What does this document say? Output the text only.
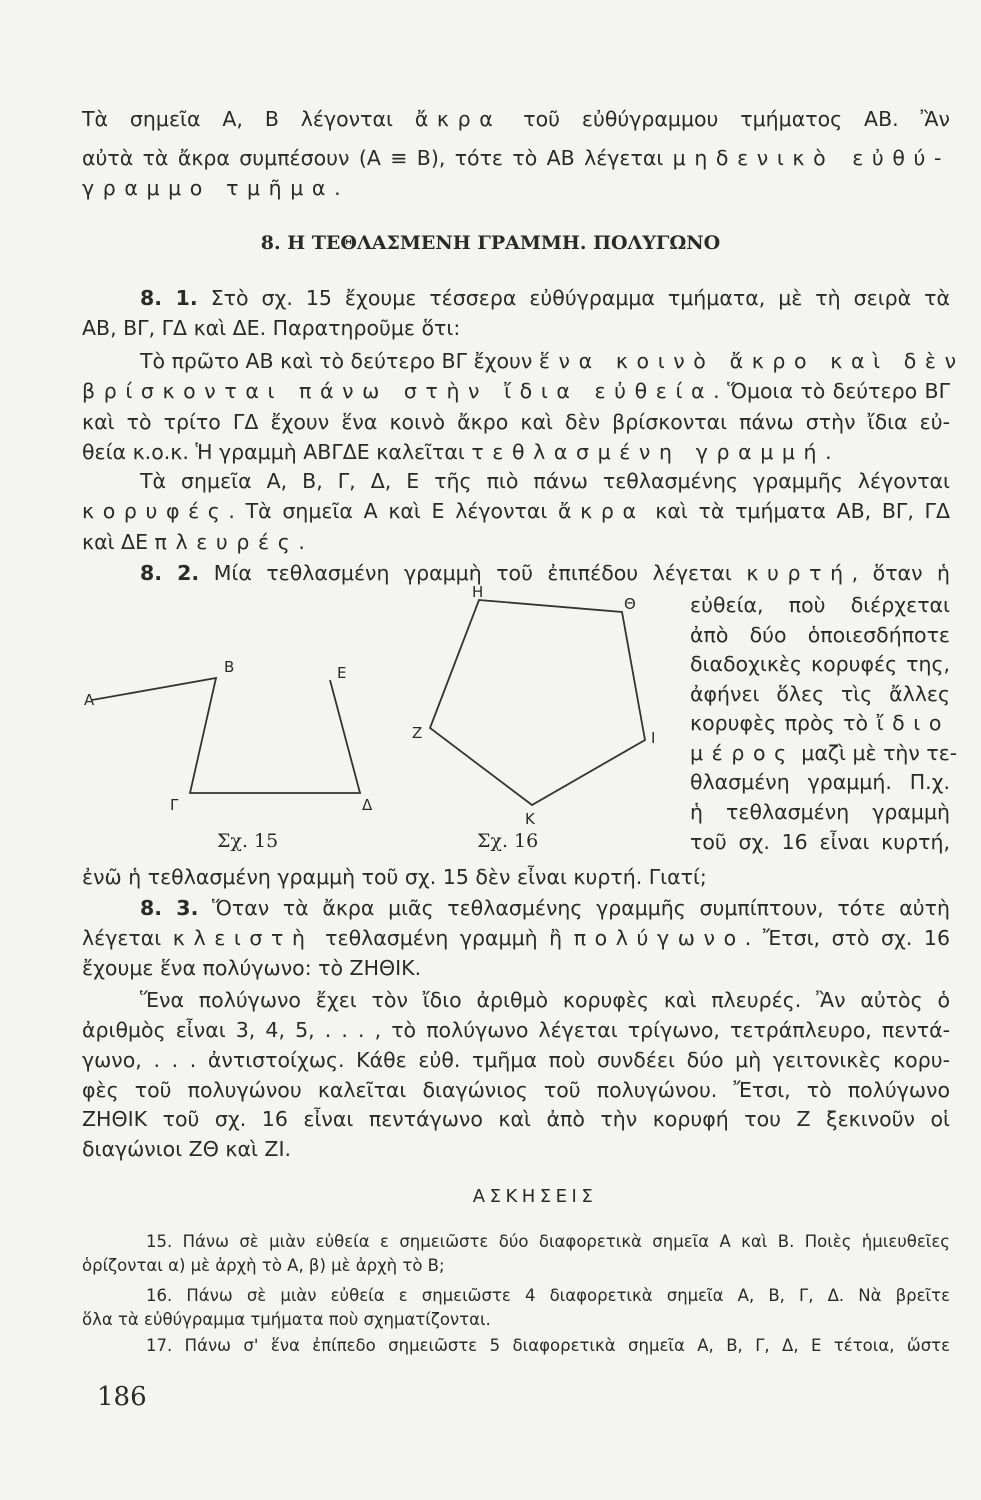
Τὰ σημεῖα Α, Β λέγονται ἄκρα τοῦ εὐθύγραμμου τμήματος ΑΒ. Ἂν
αὐτὰ τὰ ἄκρα συμπέσουν (Α ≡ Β), τότε τὸ ΑΒ λέγεται μηδενικὸ εὐθύ-
γραμμο τμῆμα.
8. Η ΤΕΘΛΑΣΜΕΝΗ ΓΡΑΜΜΗ. ΠΟΛΥΓΩΝΟ
8. 1. Στὸ σχ. 15 ἔχουμε τέσσερα εὐθύγραμμα τμήματα, μὲ τὴ σειρὰ τὰ
ΑΒ, ΒΓ, ΓΔ καὶ ΔΕ. Παρατηροῦμε ὅτι:
Τὸ πρῶτο ΑΒ καὶ τὸ δεύτερο ΒΓ ἔχουν ἕνα κοινὸ ἄκρο καὶ δὲν
βρίσκονται πάνω στὴν ἴδια εὐθεία. Ὅμοια τὸ δεύτερο ΒΓ
καὶ τὸ τρίτο ΓΔ ἔχουν ἕνα κοινὸ ἄκρο καὶ δὲν βρίσκονται πάνω στὴν ἴδια εὐ-
θεία κ.ο.κ. Ἡ γραμμὴ ΑΒΓΔΕ καλεῖται τεθλασμένη γραμμή.
Τὰ σημεῖα Α, Β, Γ, Δ, Ε τῆς πιὸ πάνω τεθλασμένης γραμμῆς λέγονται
κορυφές. Τὰ σημεῖα Α καὶ Ε λέγονται ἄκρα καὶ τὰ τμήματα ΑΒ, ΒΓ, ΓΔ
καὶ ΔΕ πλευρές.
8. 2. Μία τεθλασμένη γραμμὴ τοῦ ἐπιπέδου λέγεται κυρτή, ὅταν ἡ
εὐθεία, ποὺ διέρχεται
ἀπὸ δύο ὁποιεσδήποτε
διαδοχικὲς κορυφές της,
ἀφήνει ὅλες τὶς ἄλλες
κορυφὲς πρὸς τὸ ἴδιο
μέρος μαζὶ μὲ τὴν τε-
θλασμένη γραμμή. Π.χ.
ἡ τεθλασμένη γραμμὴ
τοῦ σχ. 16 εἶναι κυρτή,
Α
Β
Γ	Δ
Ε
Η
Θ
Ζ	Ι
Κ
Σχ. 15	Σχ. 16
ἐνῶ ἡ τεθλασμένη γραμμὴ τοῦ σχ. 15 δὲν εἶναι κυρτή. Γιατί;
8. 3. Ὅταν τὰ ἄκρα μιᾶς τεθλασμένης γραμμῆς συμπίπτουν, τότε αὐτὴ
λέγεται κλειστὴ τεθλασμένη γραμμὴ ἢ πολύγωνο. Ἔτσι, στὸ σχ. 16
ἔχουμε ἕνα πολύγωνο: τὸ ΖΗΘΙΚ.
Ἕνα πολύγωνο ἔχει τὸν ἴδιο ἀριθμὸ κορυφὲς καὶ πλευρές. Ἂν αὐτὸς ὁ
ἀριθμὸς εἶναι 3, 4, 5, . . . , τὸ πολύγωνο λέγεται τρίγωνο, τετράπλευρο, πεντά-
γωνο, . . . ἀντιστοίχως. Κάθε εὐθ. τμῆμα ποὺ συνδέει δύο μὴ γειτονικὲς κορυ-
φὲς τοῦ πολυγώνου καλεῖται διαγώνιος τοῦ πολυγώνου. Ἔτσι, τὸ πολύγωνο
ΖΗΘΙΚ τοῦ σχ. 16 εἶναι πεντάγωνο καὶ ἀπὸ τὴν κορυφή του Ζ ξεκινοῦν οἱ
διαγώνιοι ΖΘ καὶ ΖΙ.
ΑΣΚΗΣΕΙΣ
15. Πάνω σὲ μιὰν εὐθεία ε σημειῶστε δύο διαφορετικὰ σημεῖα Α καὶ Β. Ποιὲς ἡμιευθεῖες
ὁρίζονται α) μὲ ἀρχὴ τὸ Α, β) μὲ ἀρχὴ τὸ Β;
16. Πάνω σὲ μιὰν εὐθεία ε σημειῶστε 4 διαφορετικὰ σημεῖα Α, Β, Γ, Δ. Νὰ βρεῖτε
ὅλα τὰ εὐθύγραμμα τμήματα ποὺ σχηματίζονται.
17. Πάνω σ' ἕνα ἐπίπεδο σημειῶστε 5 διαφορετικὰ σημεῖα Α, Β, Γ, Δ, Ε τέτοια, ὥστε
186
